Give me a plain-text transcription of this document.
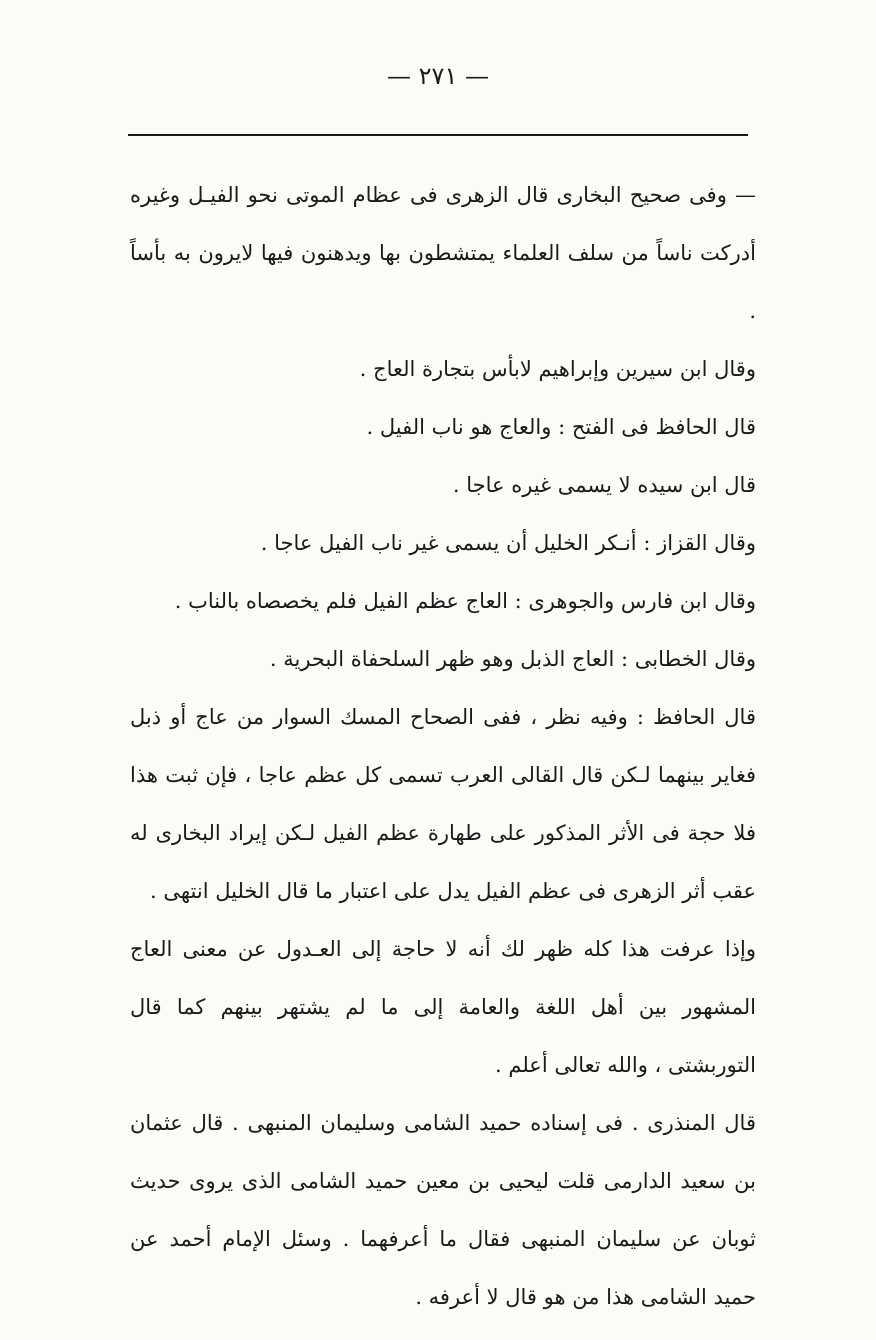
— ٢٧١ —

— وفى صحيح البخارى قال الزهرى فى عظام الموتى نحو الفيـل وغيره أدركت ناساً من سلف العلماء يمتشطون بها ويدهنون فيها لايرون به بأساً .

وقال ابن سيرين وإبراهيم لابأس بتجارة العاج .

قال الحافظ فى الفتح : والعاج هو ناب الفيل .

قال ابن سيده لا يسمى غيره عاجا .

وقال القزاز : أنـكر الخليل أن يسمى غير ناب الفيل عاجا .

وقال ابن فارس والجوهرى : العاج عظم الفيل فلم يخصصاه بالناب .

وقال الخطابى : العاج الذبل وهو ظهر السلحفاة البحرية .

قال الحافظ : وفيه نظر ، ففى الصحاح المسك السوار من عاج أو ذبل فغاير بينهما لـكن قال القالى العرب تسمى كل عظم عاجا ، فإن ثبت هذا فلا حجة فى الأثر المذكور على طهارة عظم الفيل لـكن إيراد البخارى له عقب أثر الزهرى فى عظم الفيل يدل على اعتبار ما قال الخليل انتهى .

وإذا عرفت هذا كله ظهر لك أنه لا حاجة إلى العـدول عن معنى العاج المشهور بين أهل اللغة والعامة إلى ما لم يشتهر بينهم كما قال التوربشتى ، والله تعالى أعلم .

قال المنذرى . فى إسناده حميد الشامى وسليمان المنبهى . قال عثمان بن سعيد الدارمى قلت ليحيى بن معين حميد الشامى الذى يروى حديث ثوبان عن سليمان المنبهى فقال ما أعرفهما . وسئل الإمام أحمد عن حميد الشامى هذا من هو قال لا أعرفه .
